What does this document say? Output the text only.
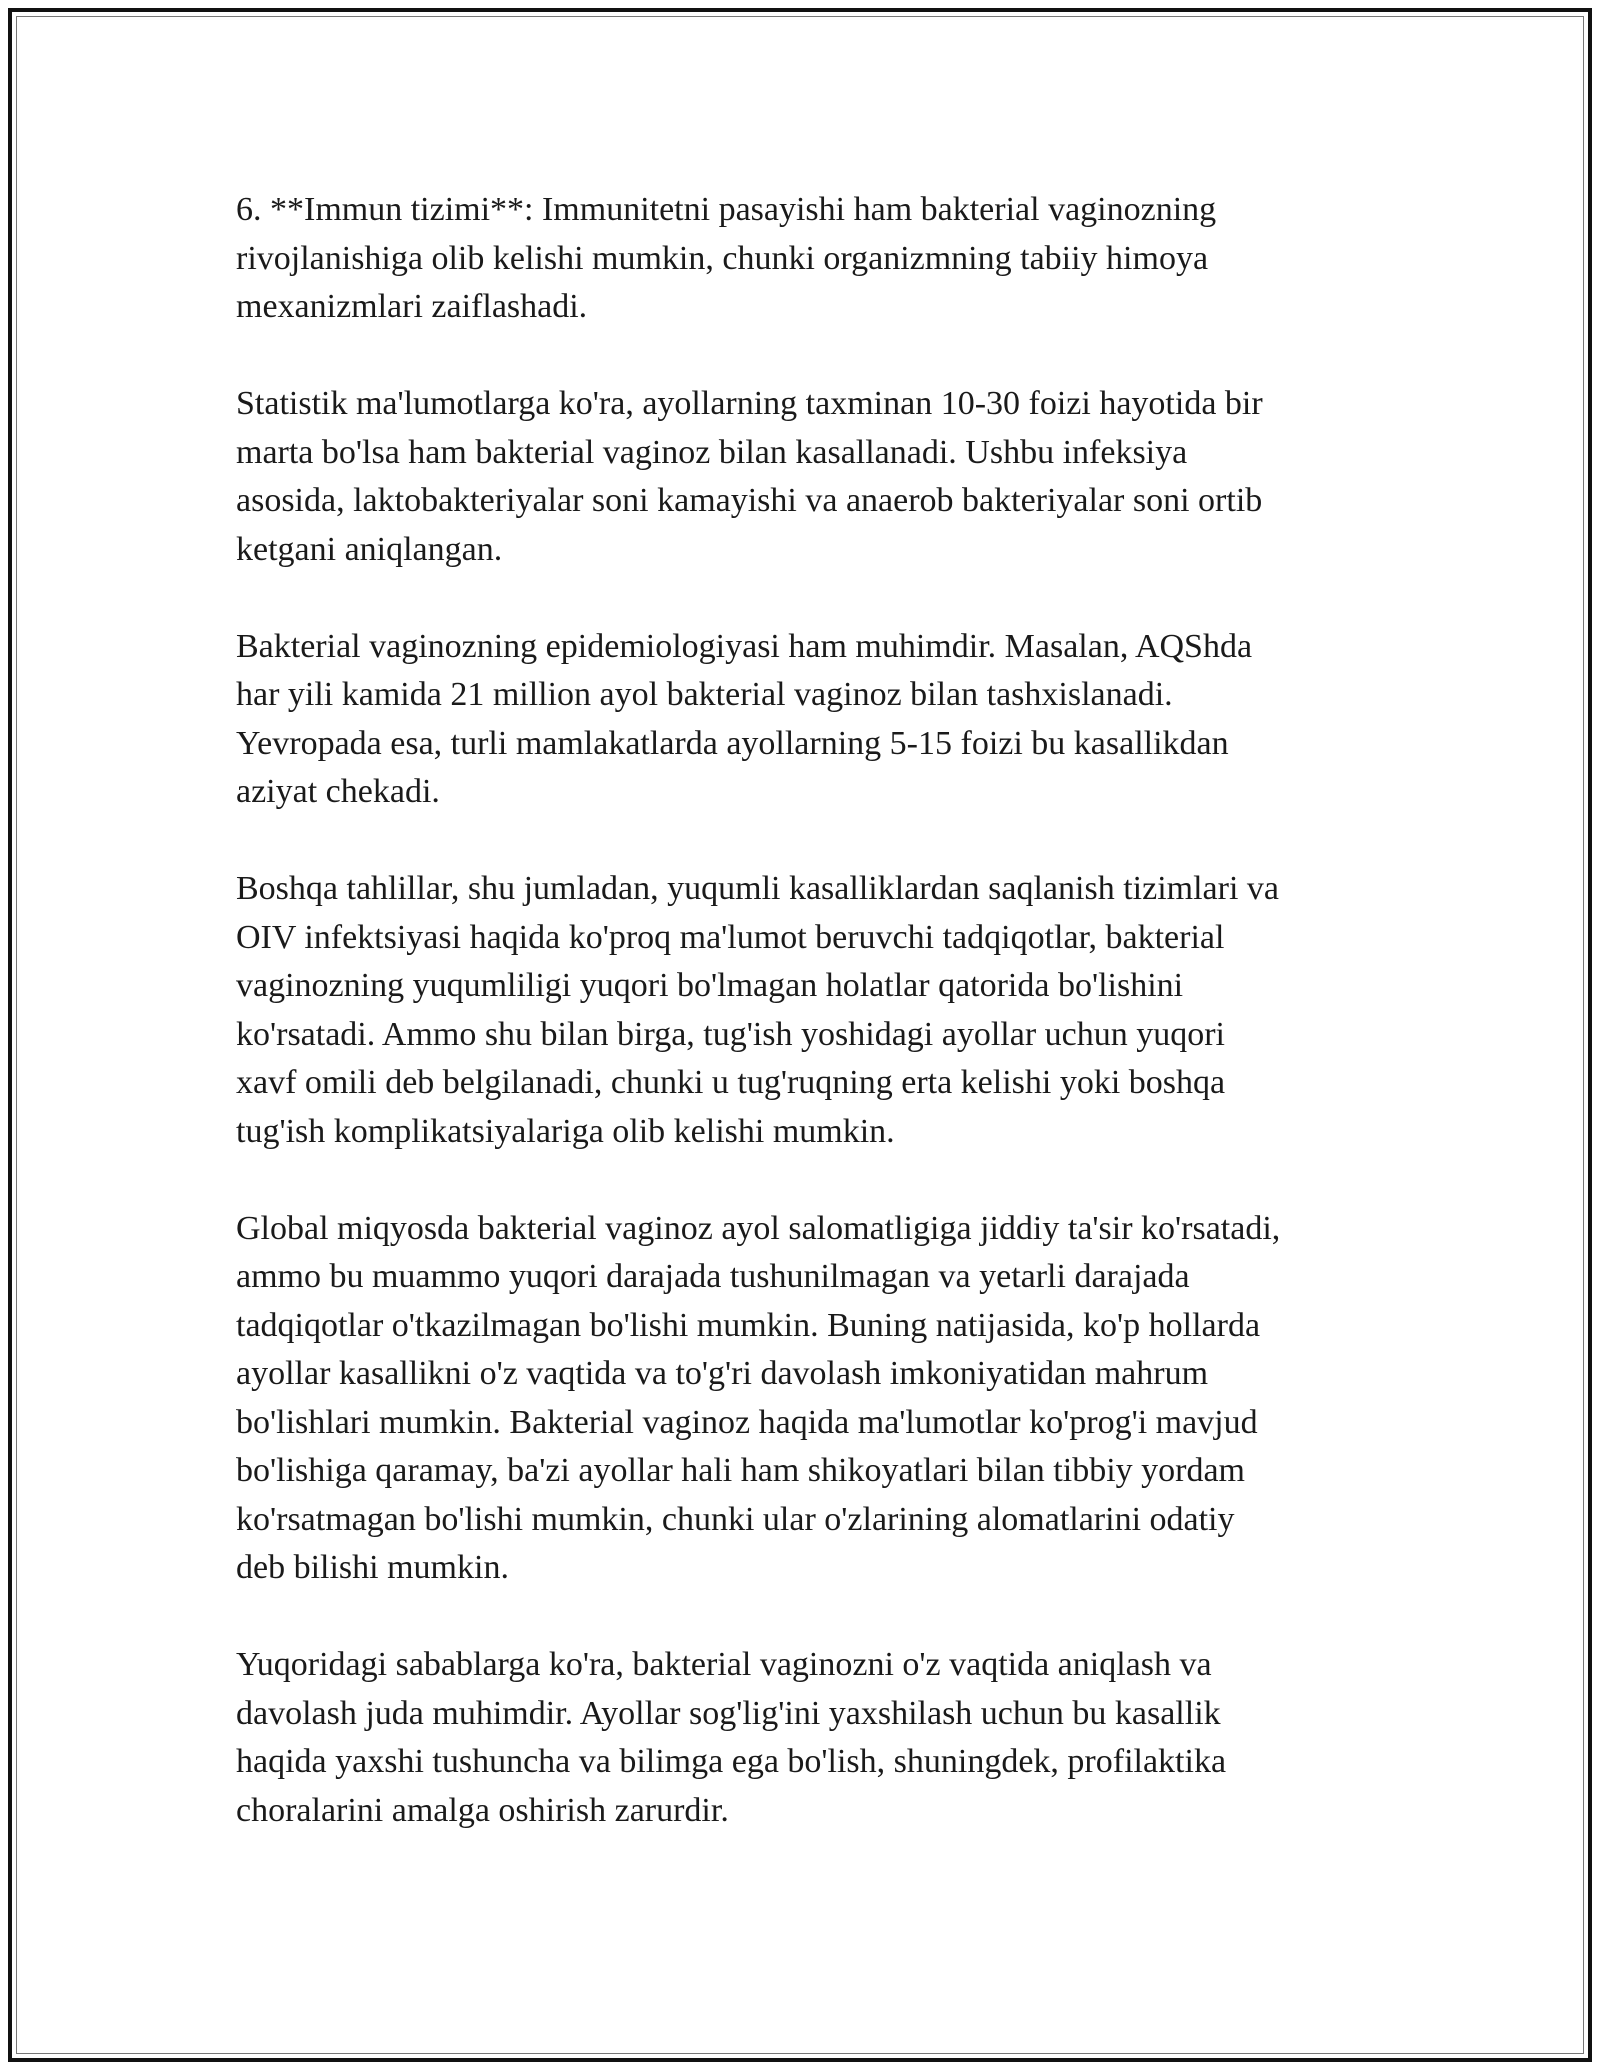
6. **Immun tizimi**: Immunitetni pasayishi ham bakterial vaginozning
rivojlanishiga olib kelishi mumkin, chunki organizmning tabiiy himoya
mexanizmlari zaiflashadi.

Statistik ma'lumotlarga ko'ra, ayollarning taxminan 10-30 foizi hayotida bir
marta bo'lsa ham bakterial vaginoz bilan kasallanadi. Ushbu infeksiya
asosida, laktobakteriyalar soni kamayishi va anaerob bakteriyalar soni ortib
ketgani aniqlangan.

Bakterial vaginozning epidemiologiyasi ham muhimdir. Masalan, AQShda
har yili kamida 21 million ayol bakterial vaginoz bilan tashxislanadi.
Yevropada esa, turli mamlakatlarda ayollarning 5-15 foizi bu kasallikdan
aziyat chekadi.

Boshqa tahlillar, shu jumladan, yuqumli kasalliklardan saqlanish tizimlari va
OIV infektsiyasi haqida ko'proq ma'lumot beruvchi tadqiqotlar, bakterial
vaginozning yuqumliligi yuqori bo'lmagan holatlar qatorida bo'lishini
ko'rsatadi. Ammo shu bilan birga, tug'ish yoshidagi ayollar uchun yuqori
xavf omili deb belgilanadi, chunki u tug'ruqning erta kelishi yoki boshqa
tug'ish komplikatsiyalariga olib kelishi mumkin.

Global miqyosda bakterial vaginoz ayol salomatligiga jiddiy ta'sir ko'rsatadi,
ammo bu muammo yuqori darajada tushunilmagan va yetarli darajada
tadqiqotlar o'tkazilmagan bo'lishi mumkin. Buning natijasida, ko'p hollarda
ayollar kasallikni o'z vaqtida va to'g'ri davolash imkoniyatidan mahrum
bo'lishlari mumkin. Bakterial vaginoz haqida ma'lumotlar ko'prog'i mavjud
bo'lishiga qaramay, ba'zi ayollar hali ham shikoyatlari bilan tibbiy yordam
ko'rsatmagan bo'lishi mumkin, chunki ular o'zlarining alomatlarini odatiy
deb bilishi mumkin.

Yuqoridagi sabablarga ko'ra, bakterial vaginozni o'z vaqtida aniqlash va
davolash juda muhimdir. Ayollar sog'lig'ini yaxshilash uchun bu kasallik
haqida yaxshi tushuncha va bilimga ega bo'lish, shuningdek, profilaktika
choralarini amalga oshirish zarurdir.
